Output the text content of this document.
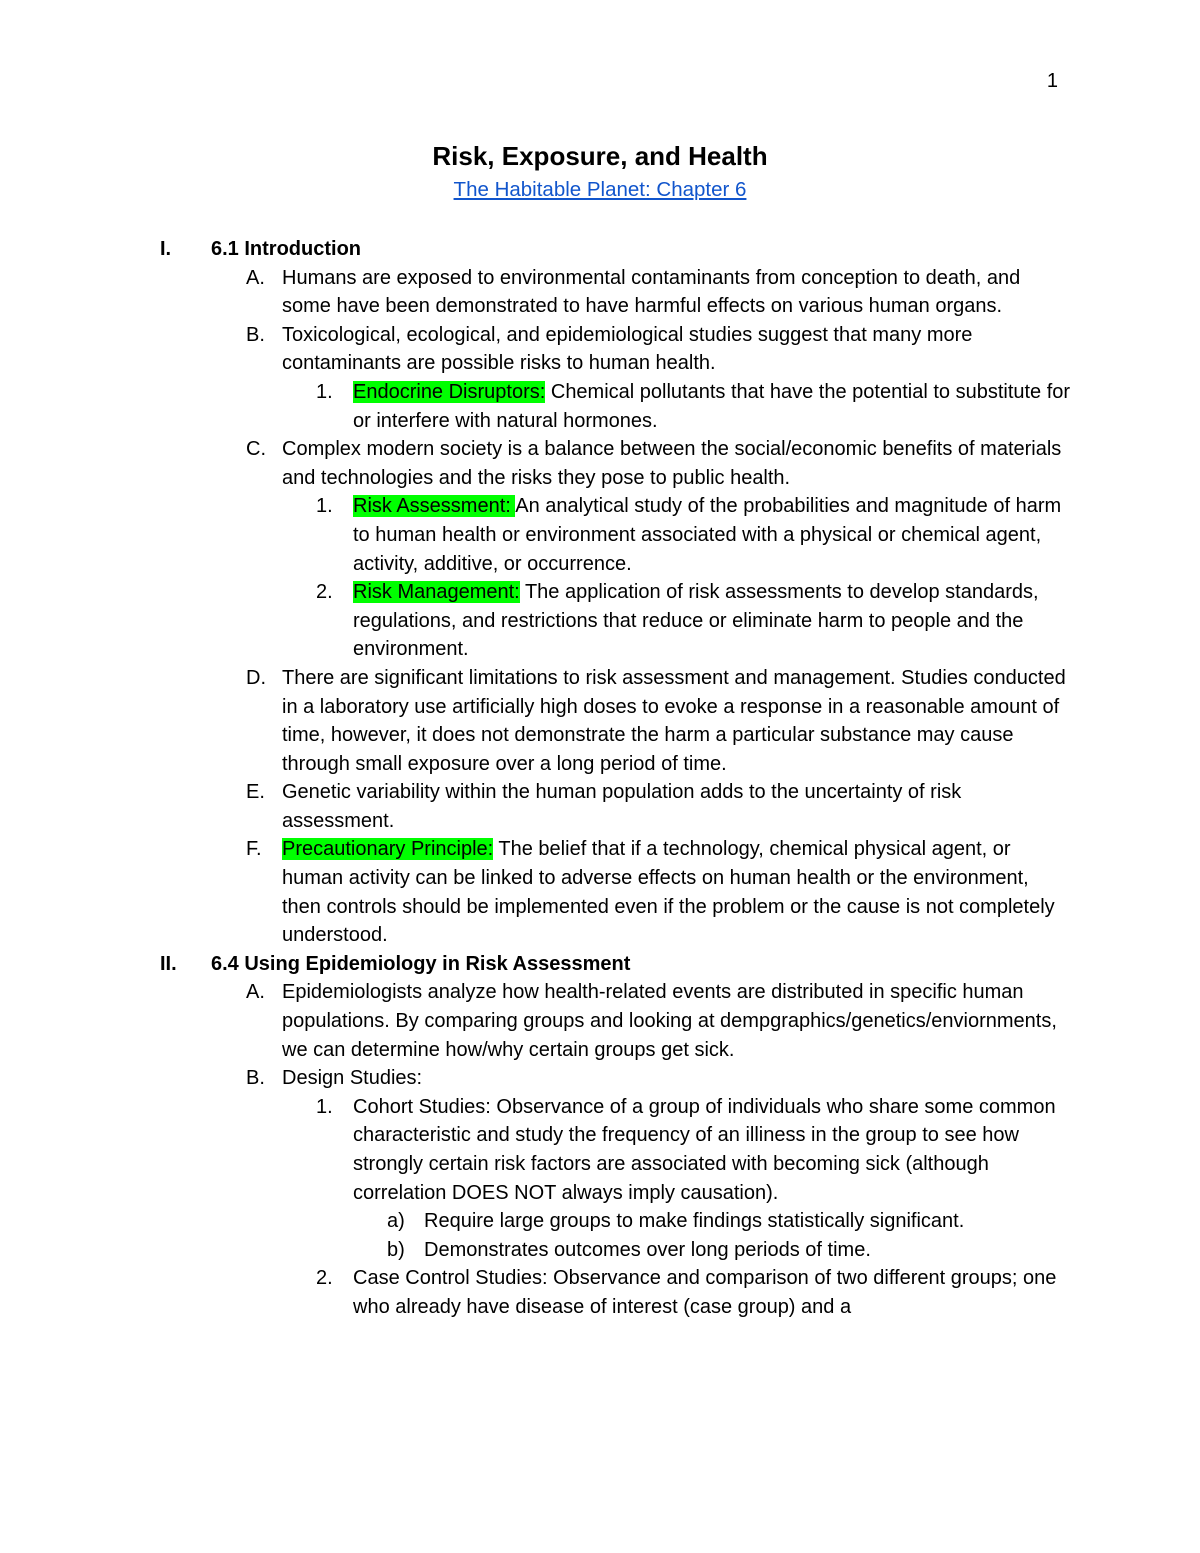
1
Risk, Exposure, and Health
The Habitable Planet: Chapter 6
I. 6.1 Introduction
A. Humans are exposed to environmental contaminants from conception to death, and some have been demonstrated to have harmful effects on various human organs.
B. Toxicological, ecological, and epidemiological studies suggest that many more contaminants are possible risks to human health.
1. Endocrine Disruptors: Chemical pollutants that have the potential to substitute for or interfere with natural hormones.
C. Complex modern society is a balance between the social/economic benefits of materials and technologies and the risks they pose to public health.
1. Risk Assessment: An analytical study of the probabilities and magnitude of harm to human health or environment associated with a physical or chemical agent, activity, additive, or occurrence.
2. Risk Management: The application of risk assessments to develop standards, regulations, and restrictions that reduce or eliminate harm to people and the environment.
D. There are significant limitations to risk assessment and management. Studies conducted in a laboratory use artificially high doses to evoke a response in a reasonable amount of time, however, it does not demonstrate the harm a particular substance may cause through small exposure over a long period of time.
E. Genetic variability within the human population adds to the uncertainty of risk assessment.
F. Precautionary Principle: The belief that if a technology, chemical physical agent, or human activity can be linked to adverse effects on human health or the environment, then controls should be implemented even if the problem or the cause is not completely understood.
II. 6.4 Using Epidemiology in Risk Assessment
A. Epidemiologists analyze how health-related events are distributed in specific human populations. By comparing groups and looking at dempgraphics/genetics/enviornments, we can determine how/why certain groups get sick.
B. Design Studies:
1. Cohort Studies: Observance of a group of individuals who share some common characteristic and study the frequency of an illiness in the group to see how strongly certain risk factors are associated with becoming sick (although correlation DOES NOT always imply causation).
a) Require large groups to make findings statistically significant.
b) Demonstrates outcomes over long periods of time.
2. Case Control Studies: Observance and comparison of two different groups; one who already have disease of interest (case group) and a
